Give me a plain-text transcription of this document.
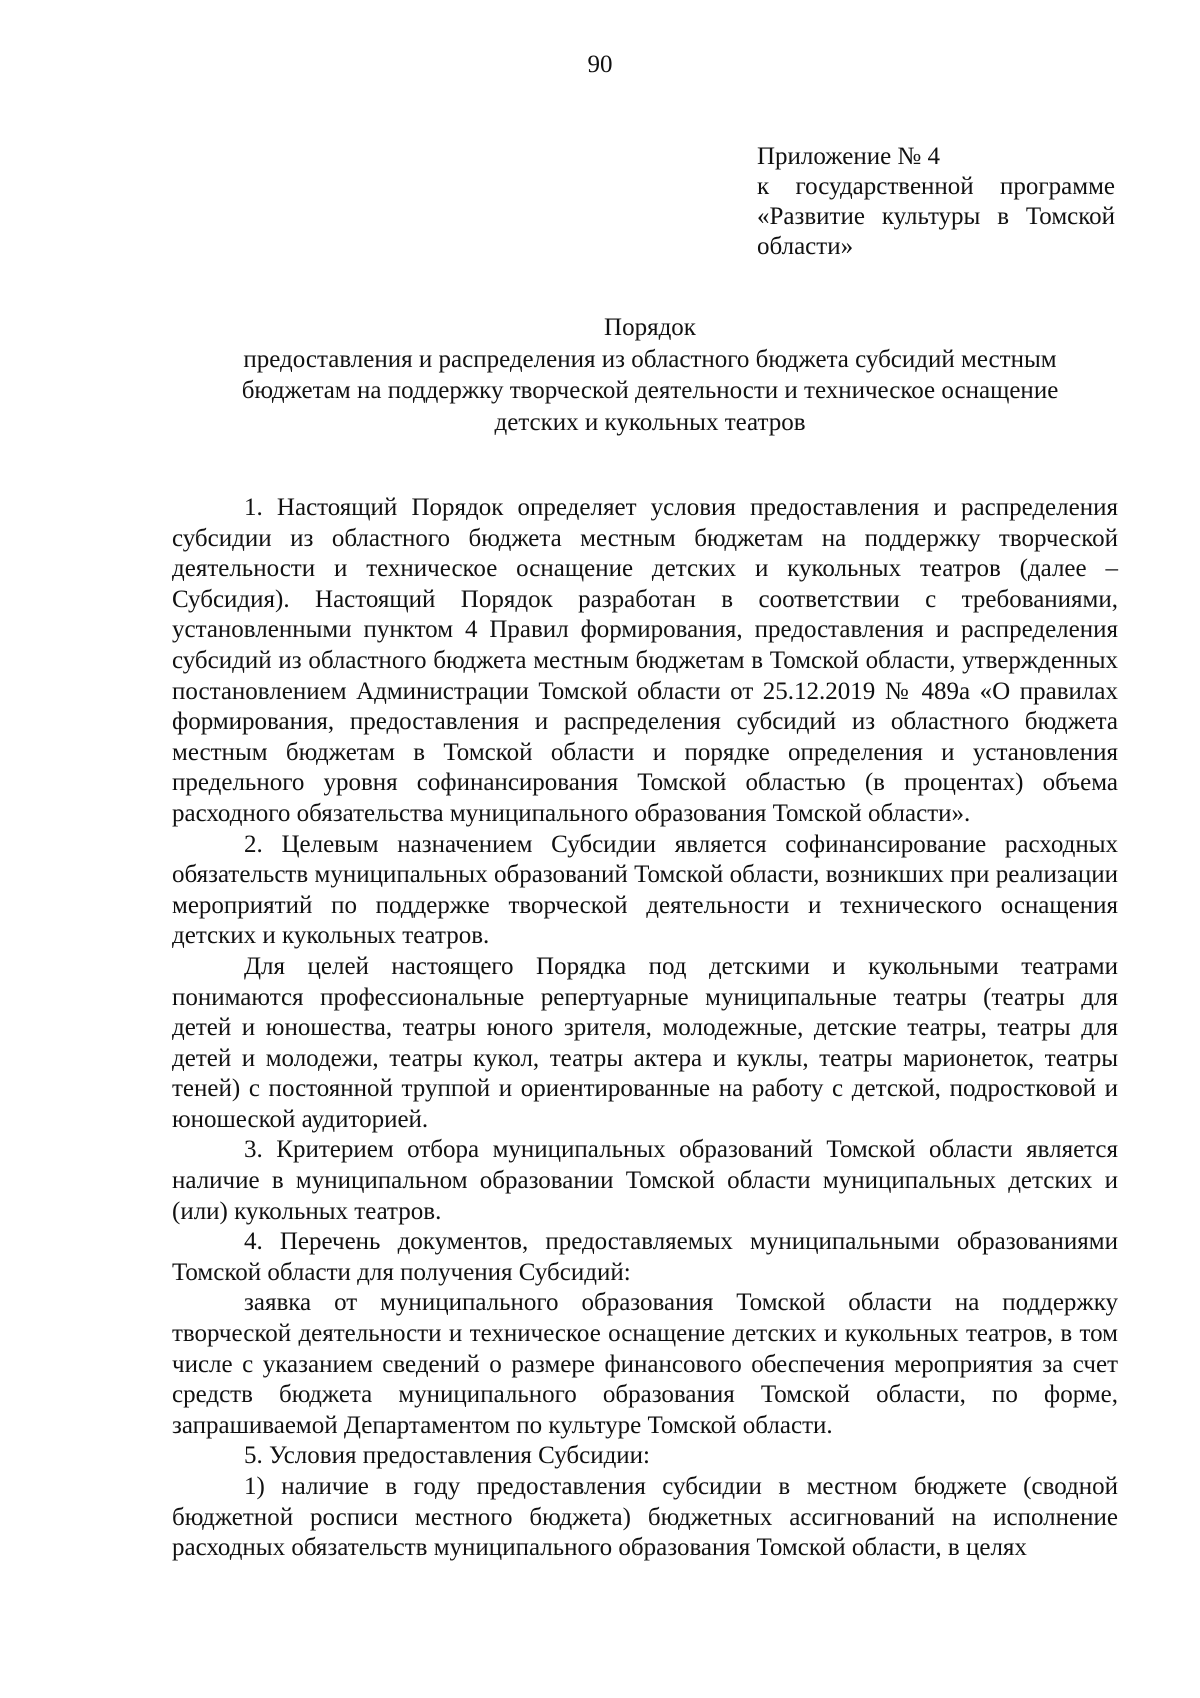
90
Приложение № 4
к государственной программе
«Развитие культуры в Томской
области»
Порядок
предоставления и распределения из областного бюджета субсидий местным
бюджетам на поддержку творческой деятельности и техническое оснащение
детских и кукольных театров

1. Настоящий Порядок определяет условия предоставления и распределения субсидии из областного бюджета местным бюджетам на поддержку творческой деятельности и техническое оснащение детских и кукольных театров (далее – Субсидия). Настоящий Порядок разработан в соответствии с требованиями, установленными пунктом 4 Правил формирования, предоставления и распределения субсидий из областного бюджета местным бюджетам в Томской области, утвержденных постановлением Администрации Томской области от 25.12.2019 № 489а «О правилах формирования, предоставления и распределения субсидий из областного бюджета местным бюджетам в Томской области и порядке определения и установления предельного уровня софинансирования Томской областью (в процентах) объема расходного обязательства муниципального образования Томской области».

2. Целевым назначением Субсидии является софинансирование расходных обязательств муниципальных образований Томской области, возникших при реализации мероприятий по поддержке творческой деятельности и технического оснащения детских и кукольных театров.

Для целей настоящего Порядка под детскими и кукольными театрами понимаются профессиональные репертуарные муниципальные театры (театры для детей и юношества, театры юного зрителя, молодежные, детские театры, театры для детей и молодежи, театры кукол, театры актера и куклы, театры марионеток, театры теней) с постоянной труппой и ориентированные на работу с детской, подростковой и юношеской аудиторией.

3. Критерием отбора муниципальных образований Томской области является наличие в муниципальном образовании Томской области муниципальных детских и (или) кукольных театров.

4. Перечень документов, предоставляемых муниципальными образованиями Томской области для получения Субсидий:

заявка от муниципального образования Томской области на поддержку творческой деятельности и техническое оснащение детских и кукольных театров, в том числе с указанием сведений о размере финансового обеспечения мероприятия за счет средств бюджета муниципального образования Томской области, по форме, запрашиваемой Департаментом по культуре Томской области.

5. Условия предоставления Субсидии:

1) наличие в году предоставления субсидии в местном бюджете (сводной бюджетной росписи местного бюджета) бюджетных ассигнований на исполнение расходных обязательств муниципального образования Томской области, в целях
